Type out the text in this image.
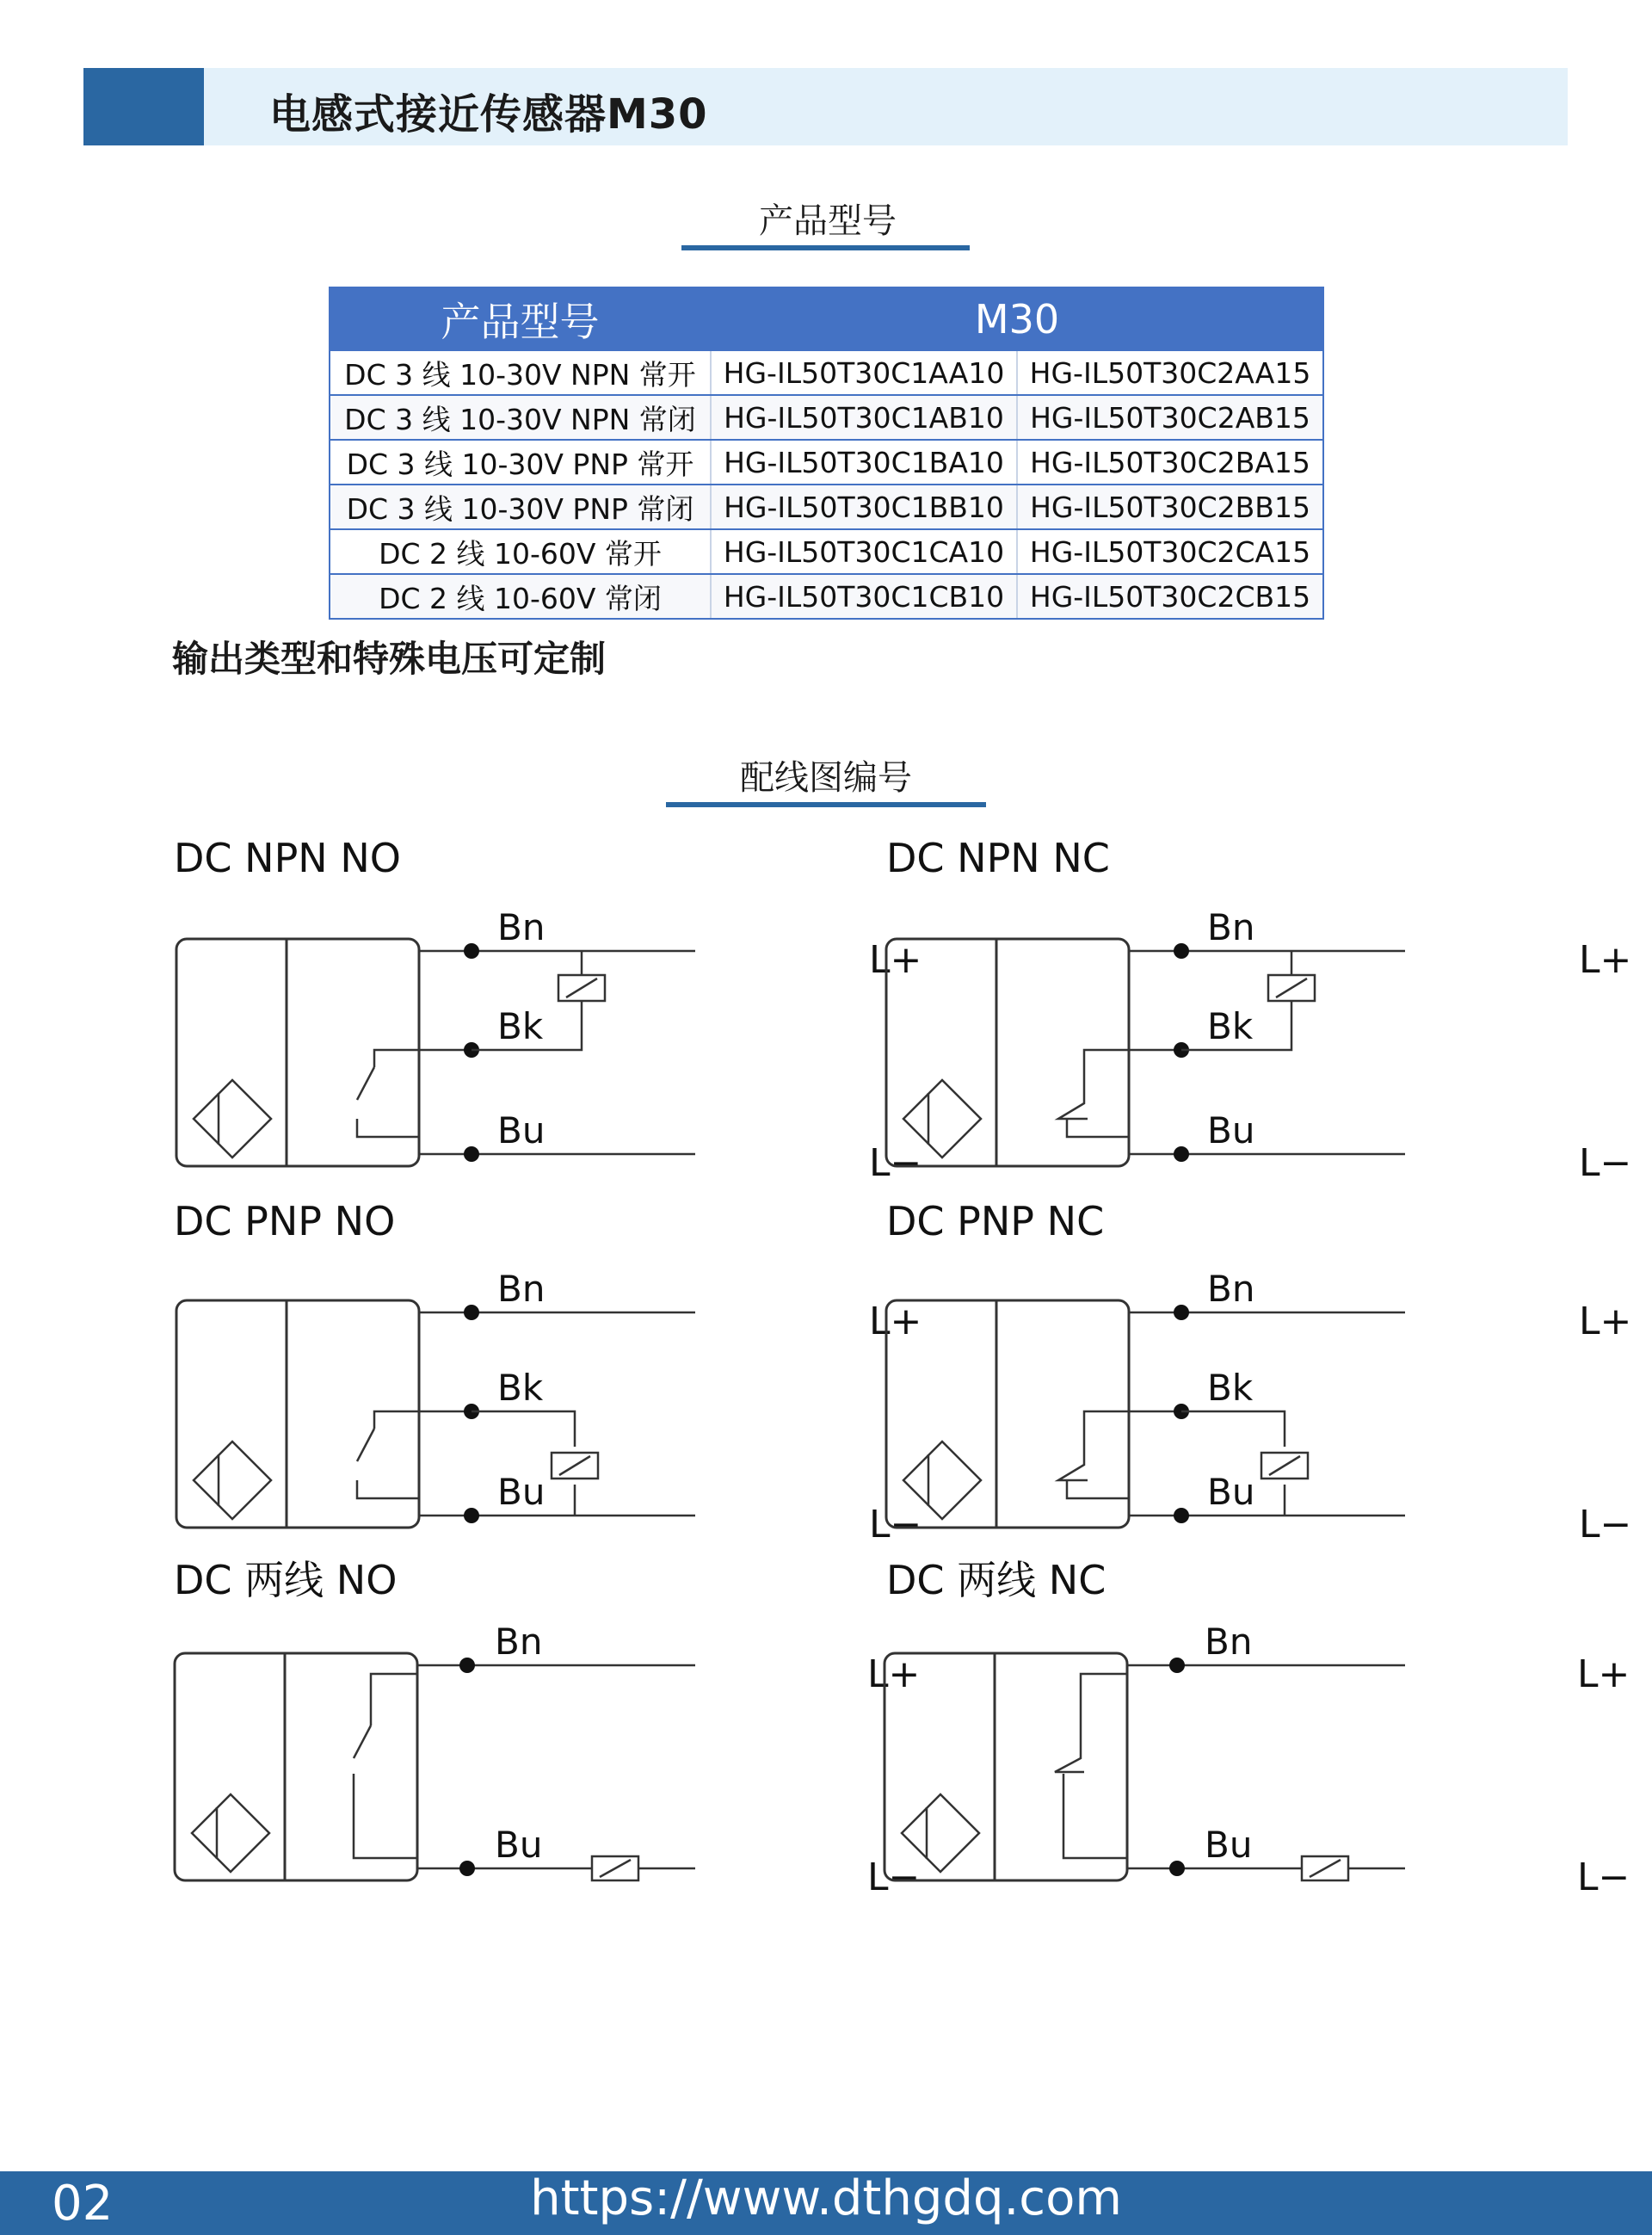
电感式接近传感器M30
产品型号
产品型号	M30	
DC 3 线 10-30V NPN 常开	HG-IL50T30C1AA10	HG-IL50T30C2AA15
DC 3 线 10-30V NPN 常闭	HG-IL50T30C1AB10	HG-IL50T30C2AB15
DC 3 线 10-30V PNP 常开	HG-IL50T30C1BA10	HG-IL50T30C2BA15
DC 3 线 10-30V PNP 常闭	HG-IL50T30C1BB10	HG-IL50T30C2BB15
DC 2 线 10-60V 常开	HG-IL50T30C1CA10	HG-IL50T30C2CA15
DC 2 线 10-60V 常闭	HG-IL50T30C1CB10	HG-IL50T30C2CB15
输出类型和特殊电压可定制
配线图编号
DC NPN NO	DC NPN NC
DC PNP NO	DC PNP NC
DC 两线 NO	DC 两线 NC
Bn
Bk
Bu
L+
L−
Bn
Bk
Bu
L+
L−
Bn
Bk
Bu
L+
L−
Bn
Bk
Bu
L+
L−
Bn
Bu
L+
L−
Bn
Bu
L+
L−
02	https://www.dthgdq.com
